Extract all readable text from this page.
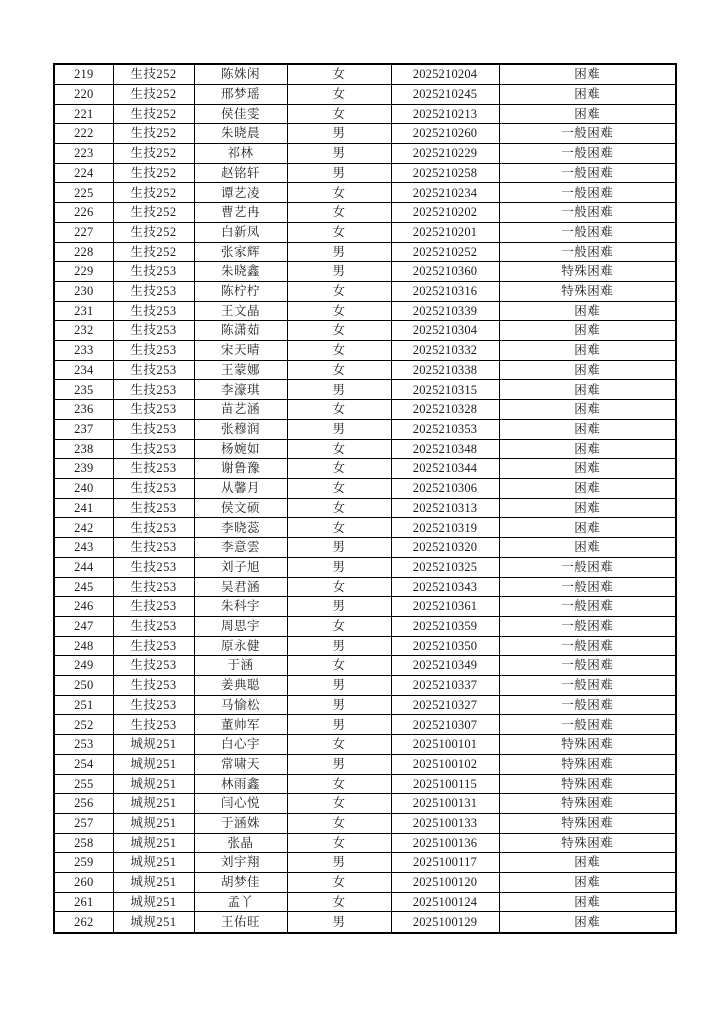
219	生技252	陈姝闲	女	2025210204	困难
220	生技252	邢梦瑶	女	2025210245	困难
221	生技252	侯佳雯	女	2025210213	困难
222	生技252	朱晓晨	男	2025210260	一般困难
223	生技252	祁林	男	2025210229	一般困难
224	生技252	赵铭轩	男	2025210258	一般困难
225	生技252	谭艺凌	女	2025210234	一般困难
226	生技252	曹艺冉	女	2025210202	一般困难
227	生技252	白新凤	女	2025210201	一般困难
228	生技252	张家辉	男	2025210252	一般困难
229	生技253	朱晓鑫	男	2025210360	特殊困难
230	生技253	陈柠柠	女	2025210316	特殊困难
231	生技253	王文晶	女	2025210339	困难
232	生技253	陈潇茹	女	2025210304	困难
233	生技253	宋天晴	女	2025210332	困难
234	生技253	王蒙娜	女	2025210338	困难
235	生技253	李濠琪	男	2025210315	困难
236	生技253	苗艺涵	女	2025210328	困难
237	生技253	张穆润	男	2025210353	困难
238	生技253	杨婉如	女	2025210348	困难
239	生技253	谢鲁豫	女	2025210344	困难
240	生技253	从馨月	女	2025210306	困难
241	生技253	侯文硕	女	2025210313	困难
242	生技253	李晓蕊	女	2025210319	困难
243	生技253	李意雲	男	2025210320	困难
244	生技253	刘子旭	男	2025210325	一般困难
245	生技253	吴君涵	女	2025210343	一般困难
246	生技253	朱科宇	男	2025210361	一般困难
247	生技253	周思宇	女	2025210359	一般困难
248	生技253	原永健	男	2025210350	一般困难
249	生技253	于涵	女	2025210349	一般困难
250	生技253	姜典聪	男	2025210337	一般困难
251	生技253	马愉松	男	2025210327	一般困难
252	生技253	董帅军	男	2025210307	一般困难
253	城规251	白心宇	女	2025100101	特殊困难
254	城规251	常啸天	男	2025100102	特殊困难
255	城规251	林雨鑫	女	2025100115	特殊困难
256	城规251	闫心悦	女	2025100131	特殊困难
257	城规251	于涵姝	女	2025100133	特殊困难
258	城规251	张晶	女	2025100136	特殊困难
259	城规251	刘宇翔	男	2025100117	困难
260	城规251	胡梦佳	女	2025100120	困难
261	城规251	孟丫	女	2025100124	困难
262	城规251	王佑旺	男	2025100129	困难
